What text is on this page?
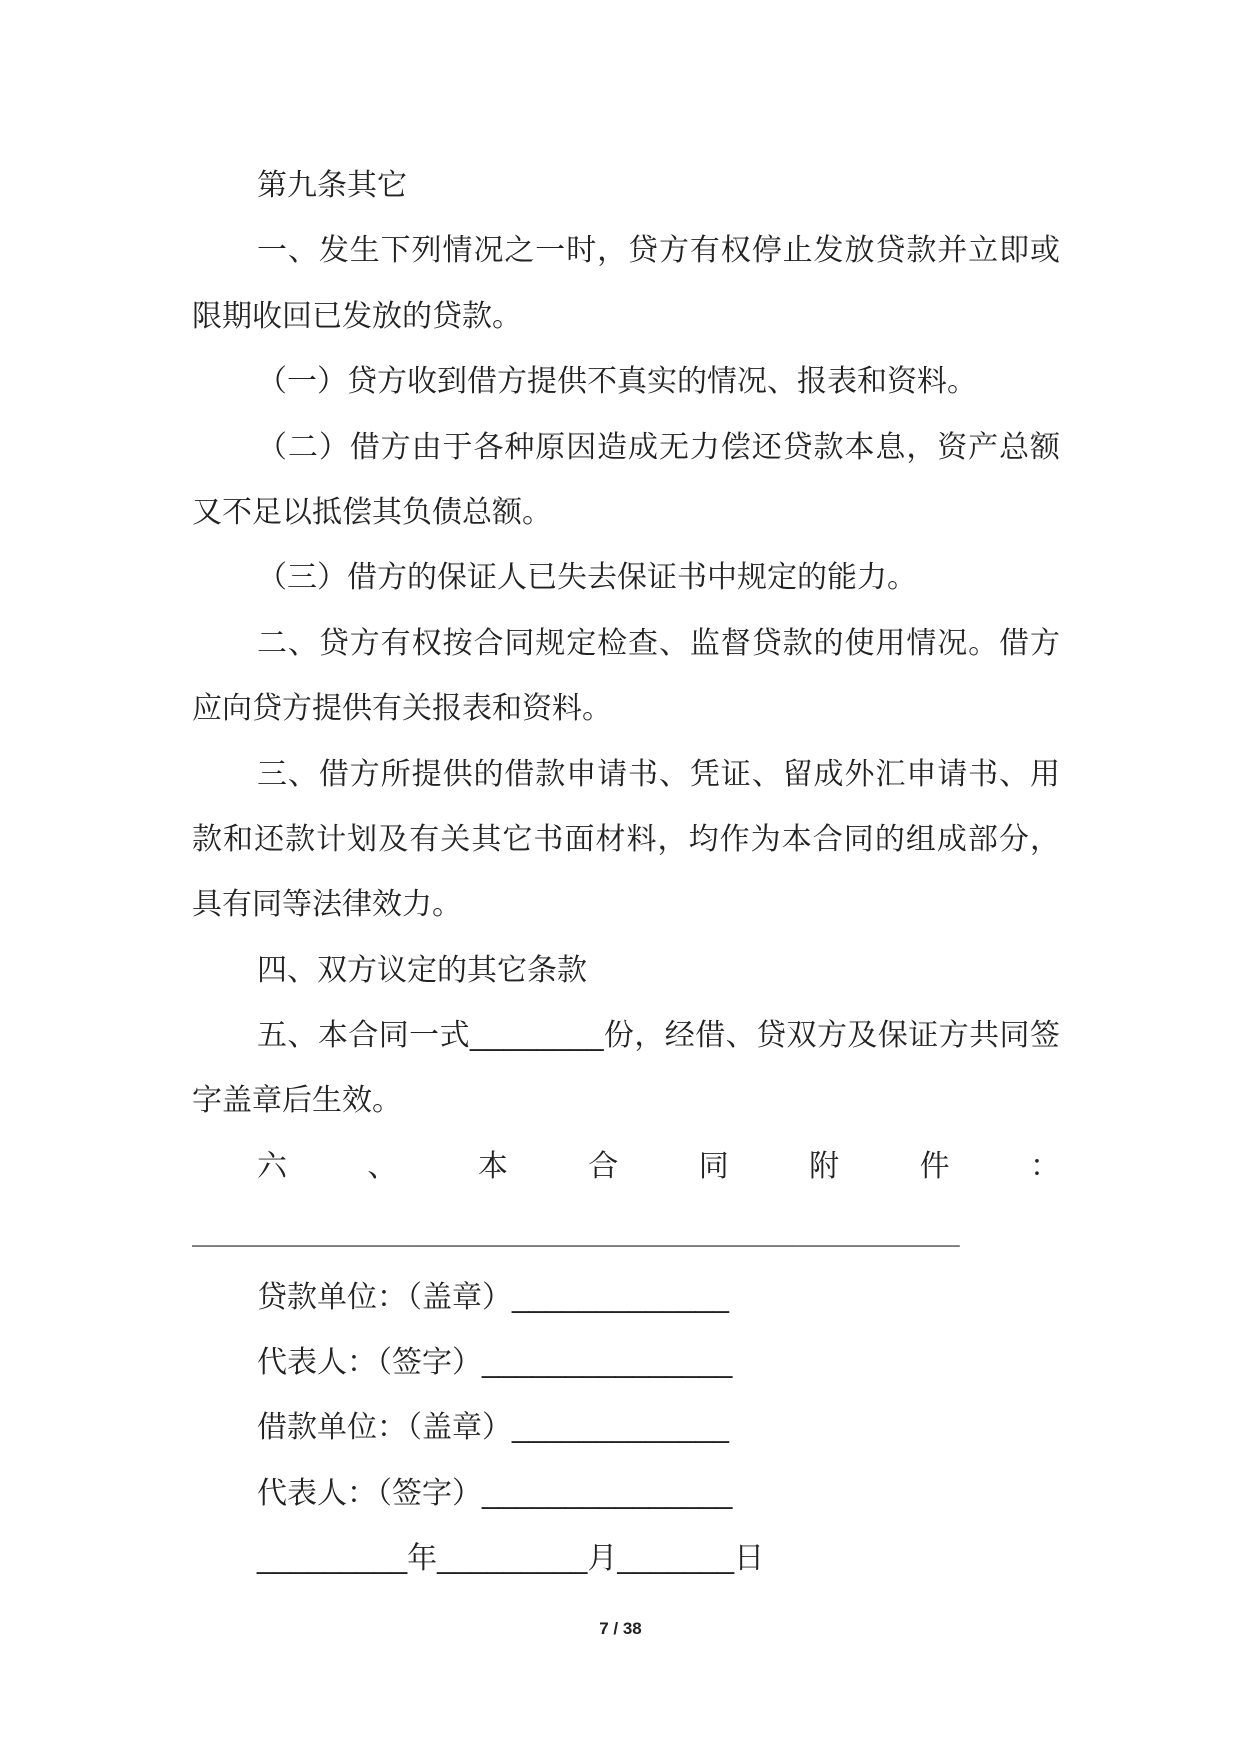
第九条其它
一、发生下列情况之一时，贷方有权停止发放贷款并立即或
限期收回已发放的贷款。
（一）贷方收到借方提供不真实的情况、报表和资料。
（二）借方由于各种原因造成无力偿还贷款本息，资产总额
又不足以抵偿其负债总额。
（三）借方的保证人已失去保证书中规定的能力。
二、贷方有权按合同规定检查、监督贷款的使用情况。借方
应向贷方提供有关报表和资料。
三、借方所提供的借款申请书、凭证、留成外汇申请书、用
款和还款计划及有关其它书面材料，均作为本合同的组成部分，
具有同等法律效力。
四、双方议定的其它条款
五、本合同一式________份，经借、贷双方及保证方共同签
字盖章后生效。
六、本合同附件：
______________________________________________
贷款单位：（盖章）_____________
代表人：（签字）_______________
借款单位：（盖章）_____________
代表人：（签字）_______________
_________年_________月_______日
7 / 38
